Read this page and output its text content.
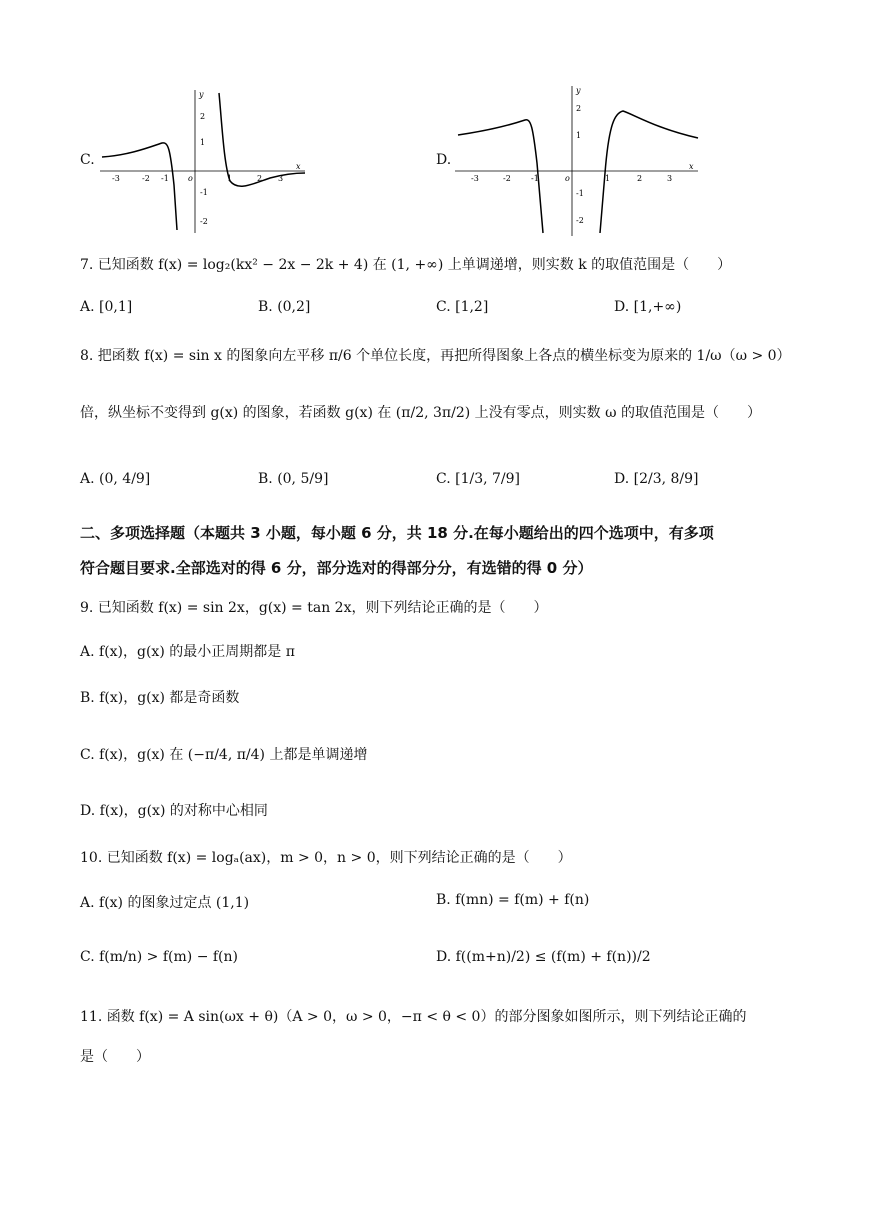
C.
y
x
o
-3	-2 -1	1	2 3
2
1
-1
-2
D.
y
x
o
-3	-2	-1	1	2	3
2
1
-1
-2
7. 已知函数 f(x) = log₂(kx² − 2x − 2k + 4) 在 (1, +∞) 上单调递增，则实数 k 的取值范围是（　　）
A. [0,1]	B. (0,2]	C. [1,2]	D. [1,+∞)
8. 把函数 f(x) = sin x 的图象向左平移 π/6 个单位长度，再把所得图象上各点的横坐标变为原来的 1/ω（ω > 0）
倍，纵坐标不变得到 g(x) 的图象，若函数 g(x) 在 (π/2, 3π/2) 上没有零点，则实数 ω 的取值范围是（　　）
A. (0, 4/9]	B. (0, 5/9]	C. [1/3, 7/9]	D. [2/3, 8/9]
二、多项选择题（本题共 3 小题，每小题 6 分，共 18 分.在每小题给出的四个选项中，有多项
符合题目要求.全部选对的得 6 分，部分选对的得部分分，有选错的得 0 分）
9. 已知函数 f(x) = sin 2x，g(x) = tan 2x，则下列结论正确的是（　　）
A. f(x)，g(x) 的最小正周期都是 π
B. f(x)，g(x) 都是奇函数
C. f(x)，g(x) 在 (−π/4, π/4) 上都是单调递增
D. f(x)，g(x) 的对称中心相同
10. 已知函数 f(x) = logₐ(ax)，m > 0，n > 0，则下列结论正确的是（　　）
A. f(x) 的图象过定点 (1,1)	B. f(mn) = f(m) + f(n)
C. f(m/n) > f(m) − f(n)	D. f((m+n)/2) ≤ (f(m) + f(n))/2
11. 函数 f(x) = A sin(ωx + θ)（A > 0，ω > 0，−π < θ < 0）的部分图象如图所示，则下列结论正确的
是（　　）
